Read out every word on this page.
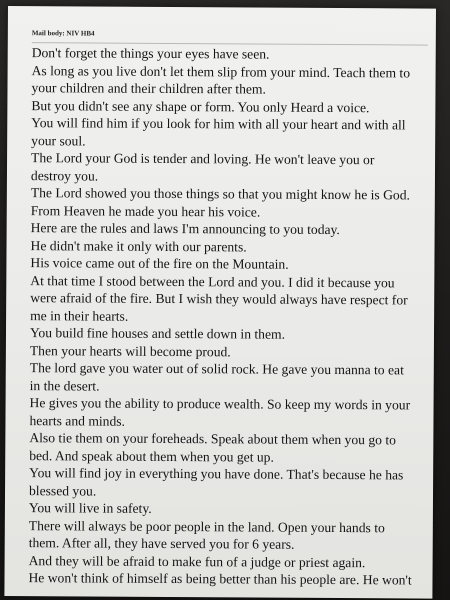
Mail body: NIV HB4
Don't forget the things your eyes have seen.
As long as you live don't let them slip from your mind. Teach them to
your children and their children after them.
But you didn't see any shape or form. You only Heard a voice.
You will find him if you look for him with all your heart and with all
your soul.
The Lord your God is tender and loving. He won't leave you or
destroy you.
The Lord showed you those things so that you might know he is God.
From Heaven he made you hear his voice.
Here are the rules and laws I'm announcing to you today.
He didn't make it only with our parents.
His voice came out of the fire on the Mountain.
At that time I stood between the Lord and you. I did it because you
were afraid of the fire. But I wish they would always have respect for
me in their hearts.
You build fine houses and settle down in them.
Then your hearts will become proud.
The lord gave you water out of solid rock. He gave you manna to eat
in the desert.
He gives you the ability to produce wealth. So keep my words in your
hearts and minds.
Also tie them on your foreheads. Speak about them when you go to
bed. And speak about them when you get up.
You will find joy in everything you have done. That's because he has
blessed you.
You will live in safety.
There will always be poor people in the land. Open your hands to
them. After all, they have served you for 6 years.
And they will be afraid to make fun of a judge or priest again.
He won't think of himself as being better than his people are. He won't
